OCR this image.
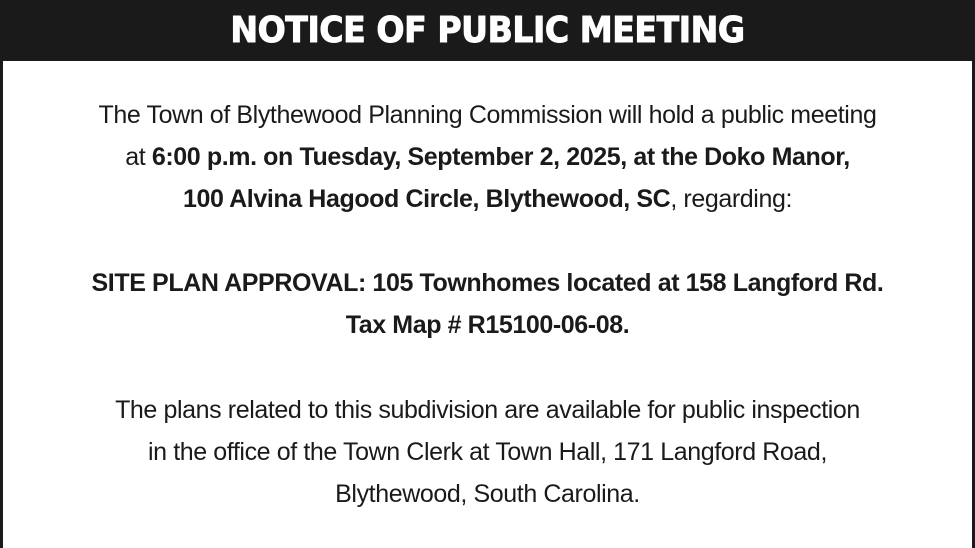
NOTICE OF PUBLIC MEETING
The Town of Blythewood Planning Commission will hold a public meeting
at 6:00 p.m. on Tuesday, September 2, 2025, at the Doko Manor,
100 Alvina Hagood Circle, Blythewood, SC, regarding:
SITE PLAN APPROVAL: 105 Townhomes located at 158 Langford Rd.
Tax Map # R15100-06-08.
The plans related to this subdivision are available for public inspection
in the office of the Town Clerk at Town Hall, 171 Langford Road,
Blythewood, South Carolina.
